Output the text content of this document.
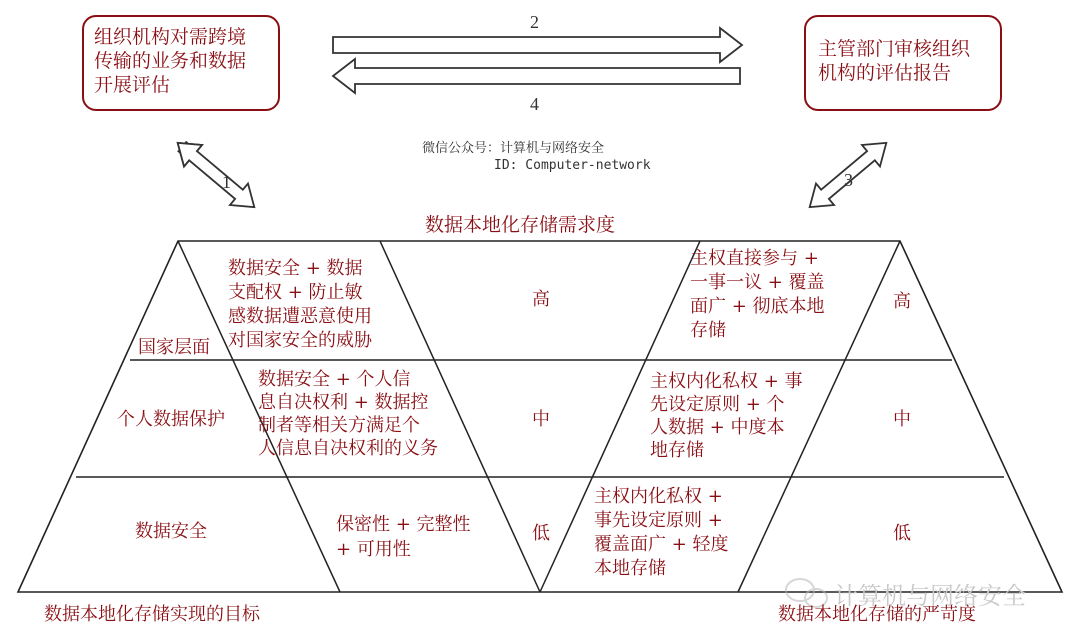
组织机构对需跨境
传输的业务和数据
开展评估
主管部门审核组织
机构的评估报告
2
4
1	3
微信公众号：计算机与网络安全
ID: Computer-network
数据本地化存储需求度
国家层面
个人数据保护
数据安全
数据安全 + 数据
支配权 + 防止敏
感数据遭恶意使用
对国家安全的威胁
数据安全 + 个人信
息自决权利 + 数据控
制者等相关方满足个
人信息自决权利的义务
保密性 + 完整性
+ 可用性
高
中
低
主权直接参与 +
一事一议 + 覆盖
面广 + 彻底本地
存储
主权内化私权 + 事
先设定原则 + 个
人数据 + 中度本
地存储
主权内化私权 +
事先设定原则 +
覆盖面广 + 轻度
本地存储
高
中
低
数据本地化存储实现的目标	数据本地化存储的严苛度
计算机与网络安全
